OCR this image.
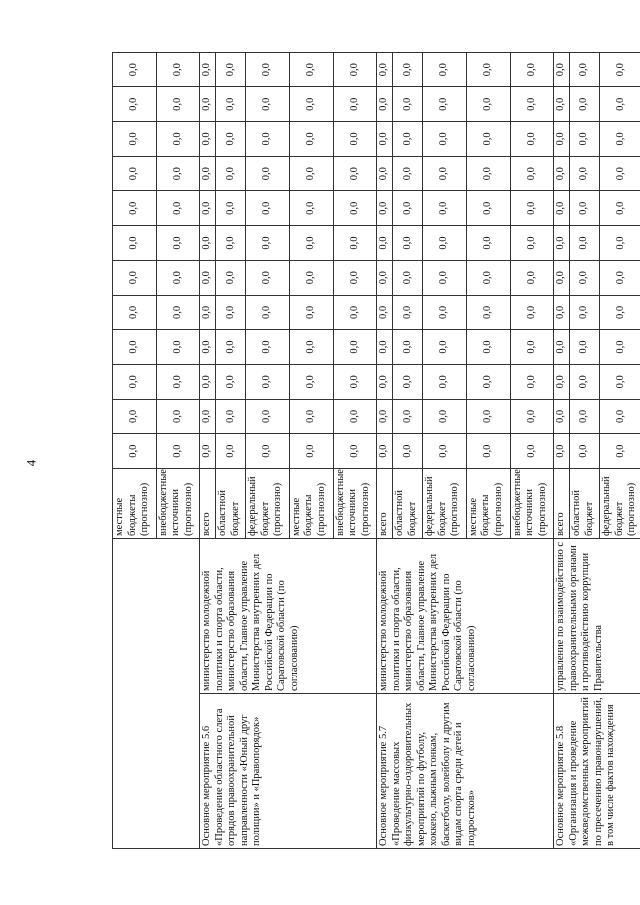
4
		местные бюджеты (прогнозно)	0,0	0,0	0,0	0,0	0,0	0,0	0,0	0,0	0,0	0,0	0,0	0,0
		внебюджетные источники (прогнозно)	0,0	0,0	0,0	0,0	0,0	0,0	0,0	0,0	0,0	0,0	0,0	0,0
Основное мероприятие 5.6 «Проведение областного слета отрядов правоохранительной направленности «Юный друг полиции» и «Правопорядок»	министерство молодежной политики и спорта области, министерство образования области, Главное управление Министерства внутренних дел Российской Федерации по Саратовской области (по согласованию)	всего	0,0	0,0	0,0	0,0	0,0	0,0	0,0	0,0	0,0	0,0	0,0	0,0
		областной бюджет	0,0	0,0	0,0	0,0	0,0	0,0	0,0	0,0	0,0	0,0	0,0	0,0
		федеральный бюджет (прогнозно)	0,0	0,0	0,0	0,0	0,0	0,0	0,0	0,0	0,0	0,0	0,0	0,0
		местные бюджеты (прогнозно)	0,0	0,0	0,0	0,0	0,0	0,0	0,0	0,0	0,0	0,0	0,0	0,0
		внебюджетные источники (прогнозно)	0,0	0,0	0,0	0,0	0,0	0,0	0,0	0,0	0,0	0,0	0,0	0,0
Основное мероприятие 5.7 «Проведение массовых физкультурно-оздоровительных мероприятий по футболу, хоккею, лыжным гонкам, баскетболу, волейболу и другим видам спорта среди детей и подростков»	министерство молодежной политики и спорта области, министерство образования области, Главное управление Министерства внутренних дел Российской Федерации по Саратовской области (по согласованию)	всего	0,0	0,0	0,0	0,0	0,0	0,0	0,0	0,0	0,0	0,0	0,0	0,0
		областной бюджет	0,0	0,0	0,0	0,0	0,0	0,0	0,0	0,0	0,0	0,0	0,0	0,0
		федеральный бюджет (прогнозно)	0,0	0,0	0,0	0,0	0,0	0,0	0,0	0,0	0,0	0,0	0,0	0,0
		местные бюджеты (прогнозно)	0,0	0,0	0,0	0,0	0,0	0,0	0,0	0,0	0,0	0,0	0,0	0,0
		внебюджетные источники (прогнозно)	0,0	0,0	0,0	0,0	0,0	0,0	0,0	0,0	0,0	0,0	0,0	0,0
Основное мероприятие 5.8 «Организация и проведение межведомственных мероприятий по пресечению правонарушений, в том числе фактов нахождения	управление по взаимодействию с правоохранительными органами и противодействию коррупции Правительства	всего	0,0	0,0	0,0	0,0	0,0	0,0	0,0	0,0	0,0	0,0	0,0	0,0
		областной бюджет	0,0	0,0	0,0	0,0	0,0	0,0	0,0	0,0	0,0	0,0	0,0	0,0
		федеральный бюджет (прогнозно)	0,0	0,0	0,0	0,0	0,0	0,0	0,0	0,0	0,0	0,0	0,0	0,0
